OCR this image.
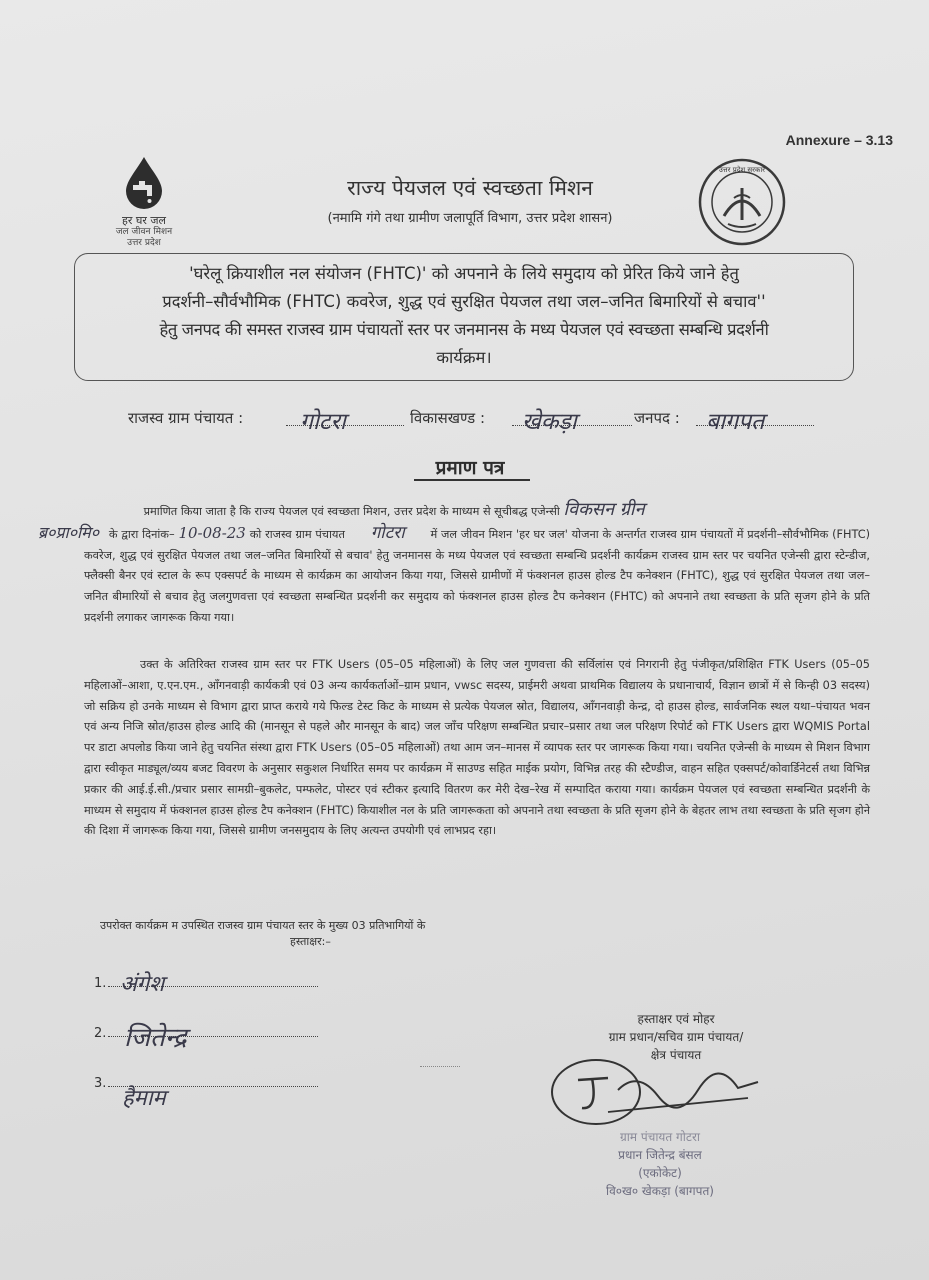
Annexure – 3.13
हर घर जल
जल जीवन मिशन
उत्तर प्रदेश
उत्तर प्रदेश सरकार
राज्य पेयजल एवं स्वच्छता मिशन
(नमामि गंगे तथा ग्रामीण जलापूर्ति विभाग, उत्तर प्रदेश शासन)
'घरेलू क्रियाशील नल संयोजन (FHTC)' को अपनाने के लिये समुदाय को प्रेरित किये जाने हेतु
प्रदर्शनी–सौर्वभौमिक (FHTC) कवरेज, शुद्ध एवं सुरक्षित पेयजल तथा जल–जनित बिमारियों से बचाव''
हेतु जनपद की समस्त राजस्व ग्राम पंचायतों स्तर पर जनमानस के मध्य पेयजल एवं स्वच्छता सम्बन्धि प्रदर्शनी
कार्यक्रम।
राजस्व ग्राम पंचायत : गोटरा	विकासखण्ड : खेकड़ा	जनपद : बागपत
प्रमाण पत्र
प्रमाणित किया जाता है कि राज्य पेयजल एवं स्वच्छता मिशन, उत्तर प्रदेश के माध्यम से सूचीबद्ध एजेन्सी विकसन ग्रीन
ब्र०प्रा०मि० के द्वारा दिनांक– 10-08-23 को राजस्व ग्राम पंचायत गोटरा में जल जीवन मिशन 'हर घर जल' योजना के अन्तर्गत राजस्व ग्राम पंचायतों में प्रदर्शनी–सौर्वभौमिक (FHTC) कवरेज, शुद्ध एवं सुरक्षित पेयजल तथा जल–जनित बिमारियों से बचाव' हेतु जनमानस के मध्य पेयजल एवं स्वच्छता सम्बन्धि प्रदर्शनी कार्यक्रम राजस्व ग्राम स्तर पर चयनित एजेन्सी द्वारा स्टेन्डीज, फ्लैक्सी बैनर एवं स्टाल के रूप एक्सपर्ट के माध्यम से कार्यक्रम का आयोजन किया गया, जिससे ग्रामीणों में फंक्शनल हाउस होल्ड टैप कनेक्शन (FHTC), शुद्ध एवं सुरक्षित पेयजल तथा जल–जनित बीमारियों से बचाव हेतु जलगुणवत्ता एवं स्वच्छता सम्बन्धित प्रदर्शनी कर समुदाय को फंक्शनल हाउस होल्ड टैप कनेक्शन (FHTC) को अपनाने तथा स्वच्छता के प्रति सृजग होने के प्रति प्रदर्शनी लगाकर जागरूक किया गया।
उक्त के अतिरिक्त राजस्व ग्राम स्तर पर FTK Users (05–05 महिलाओं) के लिए जल गुणवत्ता की सर्विलांस एवं निगरानी हेतु पंजीकृत/प्रशिक्षित FTK Users (05–05 महिलाओं–आशा, ए.एन.एम., आँगनवाड़ी कार्यकत्री एवं 03 अन्य कार्यकर्ताओं–ग्राम प्रधान, vwsc सदस्य, प्राईमरी अथवा प्राथमिक विद्यालय के प्रधानाचार्य, विज्ञान छात्रों में से किन्ही 03 सदस्य) जो सक्रिय हो उनके माध्यम से विभाग द्वारा प्राप्त कराये गये फिल्ड टेस्ट किट के माध्यम से प्रत्येक पेयजल स्रोत, विद्यालय, आँगनवाड़ी केन्द्र, दो हाउस होल्ड, सार्वजनिक स्थल यथा–पंचायत भवन एवं अन्य निजि स्रोत/हाउस होल्ड आदि की (मानसून से पहले और मानसून के बाद) जल जाँच परिक्षण सम्बन्धित प्रचार–प्रसार तथा जल परिक्षण रिपोर्ट को FTK Users द्वारा WQMIS Portal पर डाटा अपलोड किया जाने हेतु चयनित संस्था द्वारा FTK Users (05–05 महिलाओं) तथा आम जन–मानस में व्यापक स्तर पर जागरूक किया गया। चयनित एजेन्सी के माध्यम से मिशन विभाग द्वारा स्वीकृत माड्यूल/व्यय बजट विवरण के अनुसार सकुशल निर्धारित समय पर कार्यक्रम में साउण्ड सहित माईक प्रयोग, विभिन्न तरह की स्टैण्डीज, वाहन सहित एक्सपर्ट/कोवार्डिनेटर्स तथा विभिन्न प्रकार की आई.ई.सी./प्रचार प्रसार सामग्री–बुकलेट, पम्फलेट, पोस्टर एवं स्टीकर इत्यादि वितरण कर मेरी देख–रेख में सम्पादित कराया गया। कार्यक्रम पेयजल एवं स्वच्छता सम्बन्धित प्रदर्शनी के माध्यम से समुदाय में फंक्शनल हाउस होल्ड टैप कनेक्शन (FHTC) कियाशील नल के प्रति जागरूकता को अपनाने तथा स्वच्छता के प्रति सृजग होने के बेहतर लाभ तथा स्वच्छता के प्रति सृजग होने की दिशा में जागरूक किया गया, जिससे ग्रामीण जनसमुदाय के लिए अत्यन्त उपयोगी एवं लाभप्रद रहा।
उपरोक्त कार्यक्रम म उपस्थित राजस्व ग्राम पंचायत स्तर के मुख्य 03 प्रतिभागियों के
हस्ताक्षर:–
1. अंगेश
2. जितेन्द्र
3.
हैमाम
हस्ताक्षर एवं मोहर
ग्राम प्रधान/सचिव ग्राम पंचायत/
क्षेत्र पंचायत
ग्राम पंचायत गोटरा
प्रधान जितेन्द्र बंसल
(एकोकेट)
वि०ख० खेकड़ा (बागपत)
